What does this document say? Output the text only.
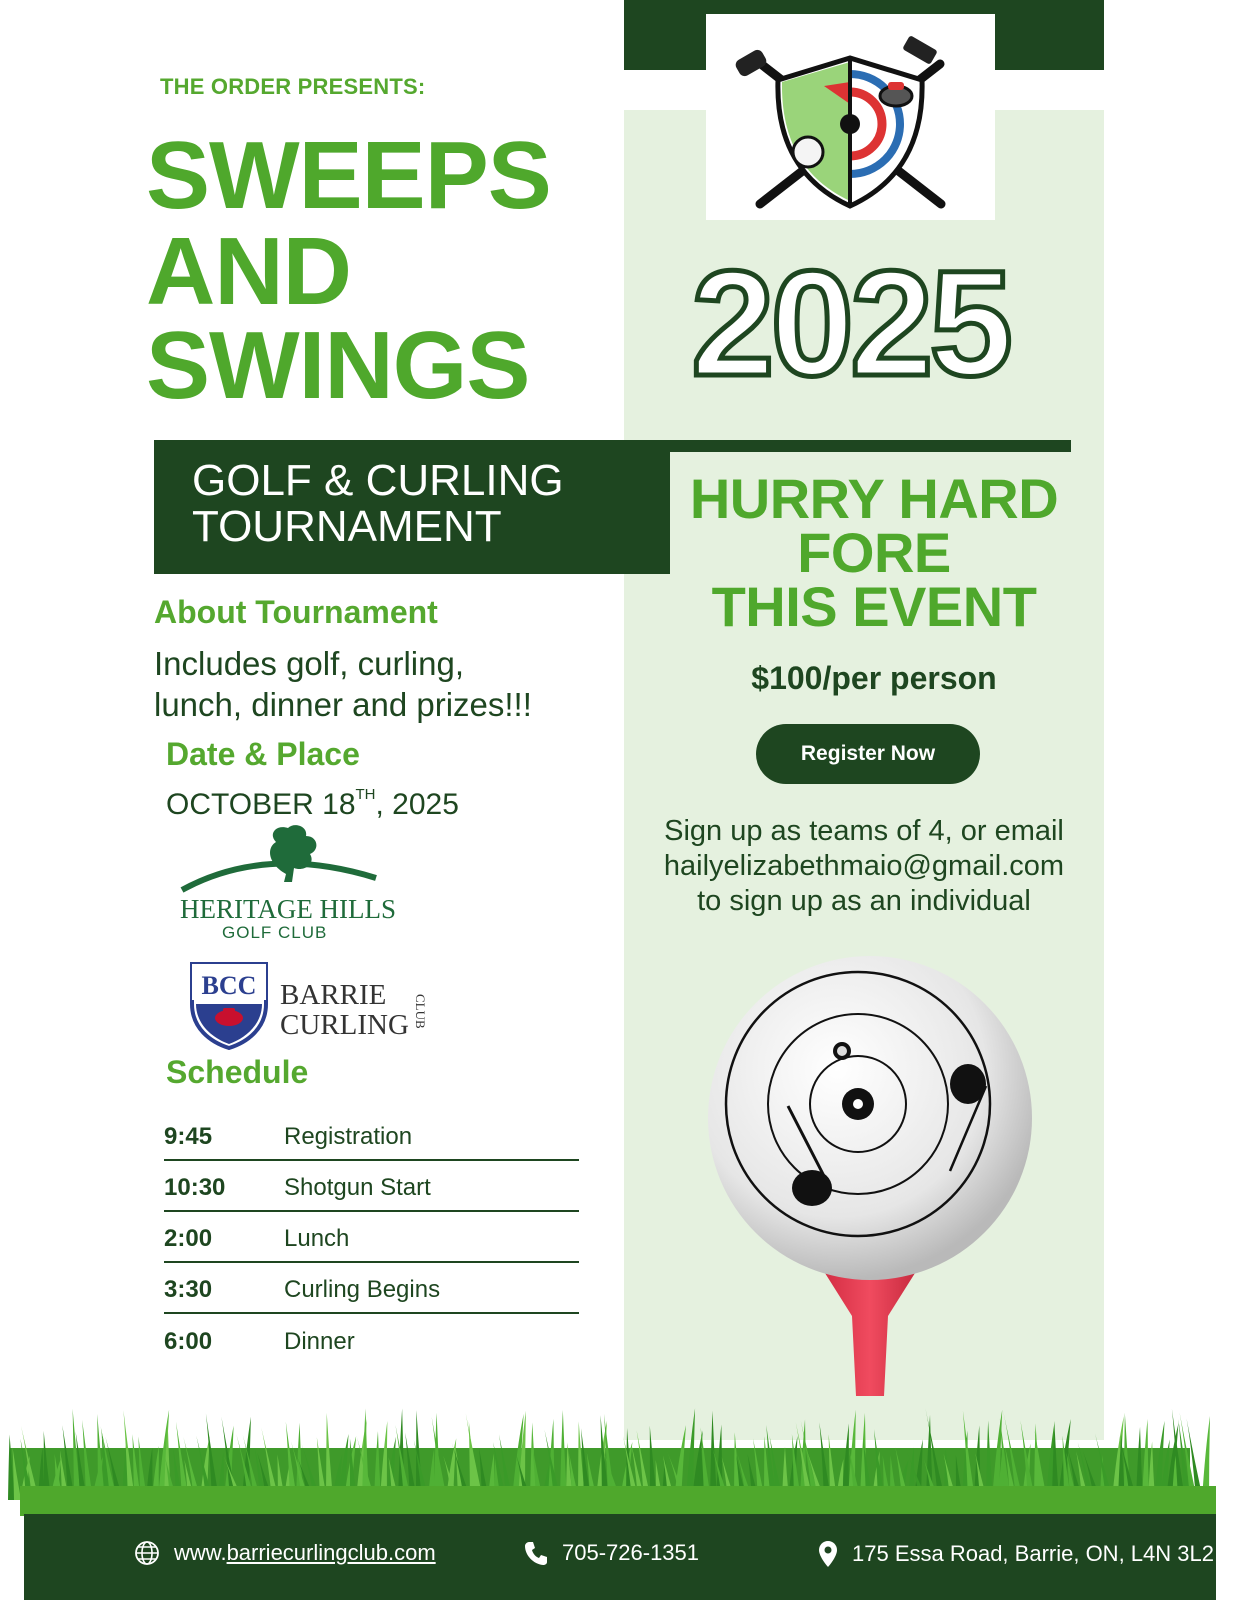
THE ORDER PRESENTS:
SWEEPS
AND
SWINGS 2025
GOLF & CURLING
TOURNAMENT	HURRY HARD
FORE
THIS EVENT
$100/per person
Register Now
Sign up as teams of 4, or email
hailyelizabethmaio@gmail.com
to sign up as an individual
About Tournament
Includes golf, curling,
lunch, dinner and prizes!!!
Date & Place
OCTOBER 18TH, 2025
HERITAGE HILLS
GOLF CLUB
BCC BARRIE
CURLING CLUB
Schedule
9:45	Registration
10:30	Shotgun Start
2:00	Lunch
3:30	Curling Begins
6:00	Dinner
www.barriecurlingclub.com	705-726-1351	175 Essa Road, Barrie, ON, L4N 3L2
